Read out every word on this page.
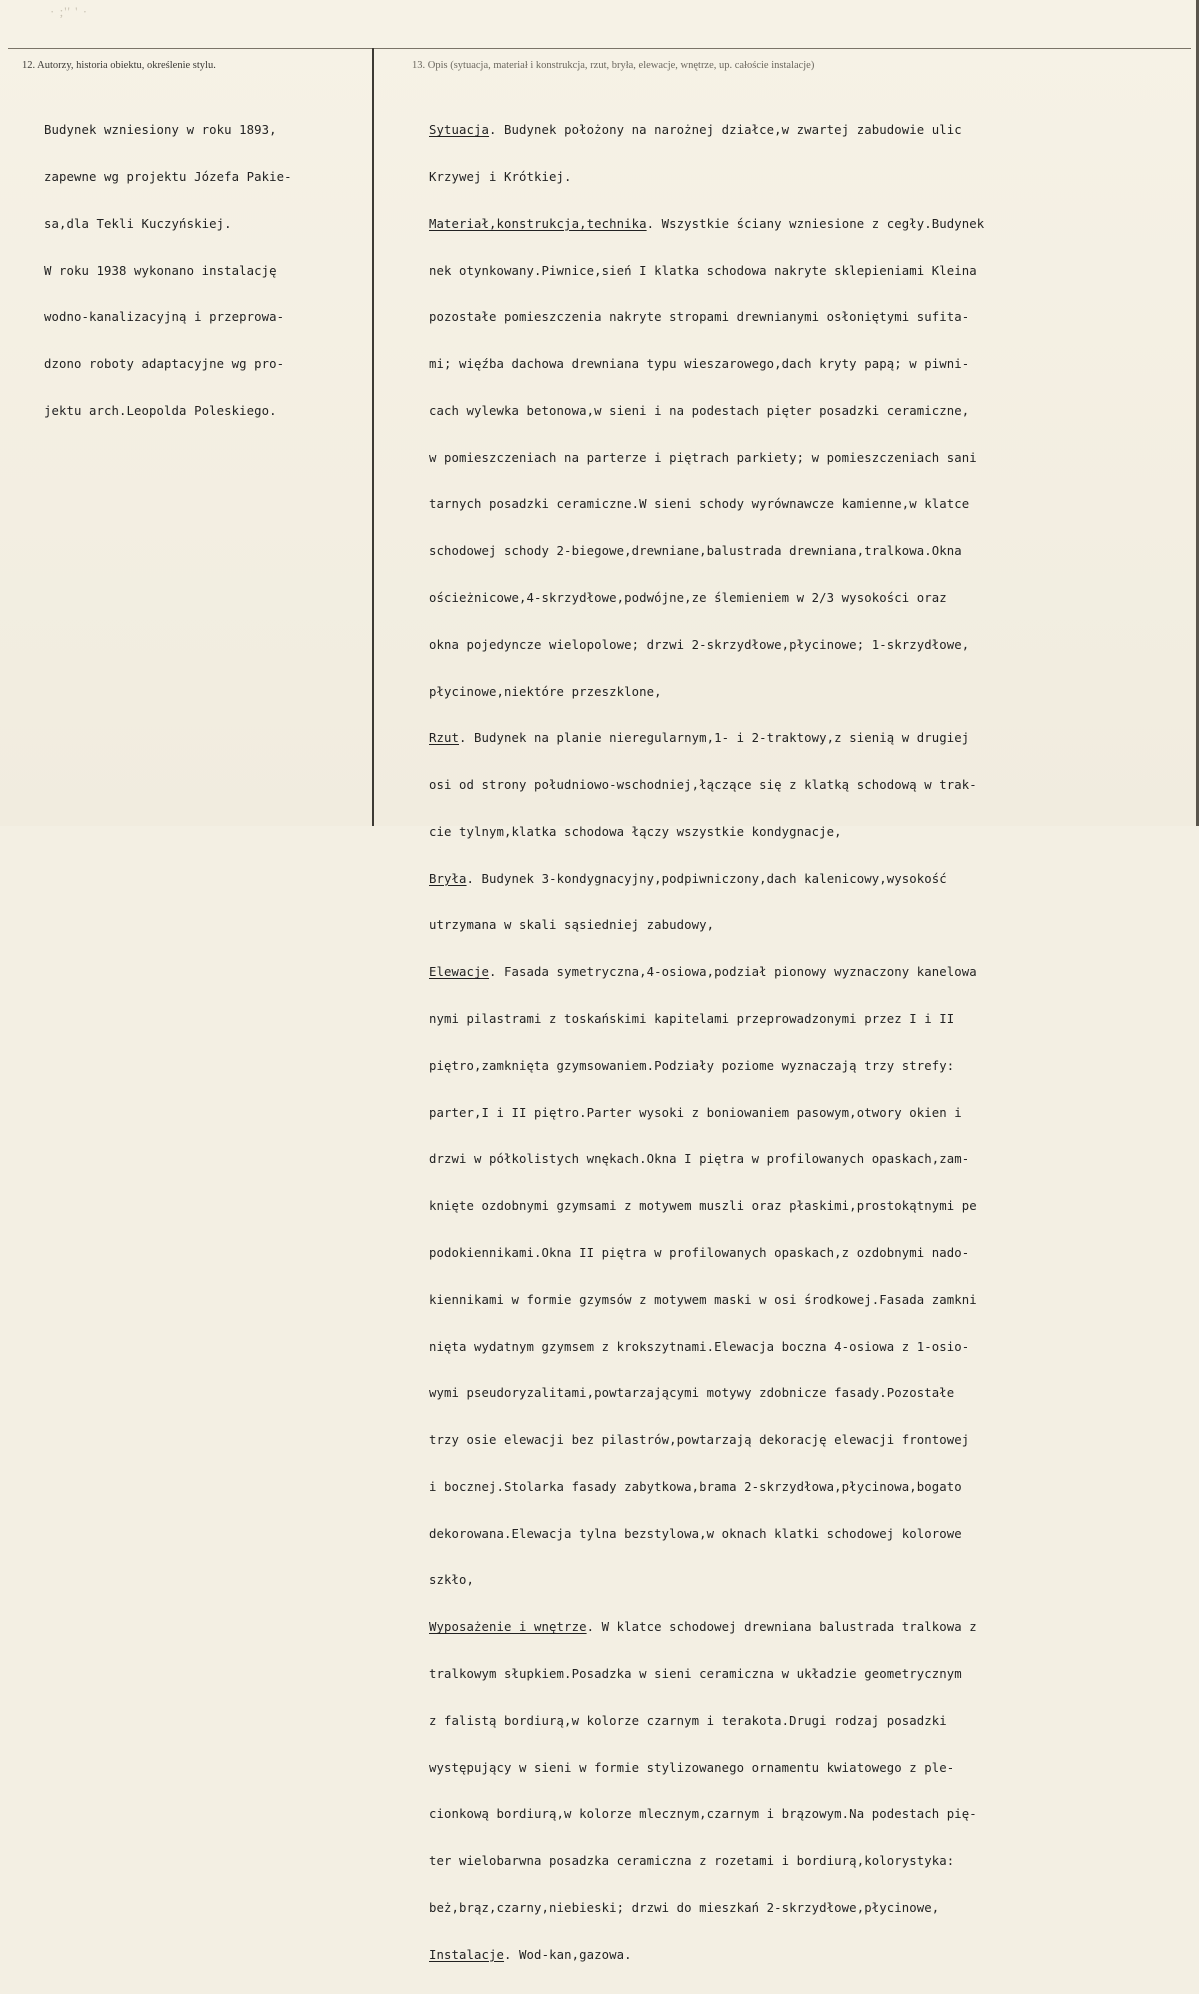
· ;'' ' ·
12. Autorzy, historia obiektu, określenie stylu.	13. Opis (sytuacja, materiał i konstrukcja, rzut, bryła, elewacje, wnętrze, up. całoście instalacje)

Budynek wzniesiony w roku 1893,

zapewne wg projektu Józefa Pakie-

sa,dla Tekli Kuczyńskiej.

W roku 1938 wykonano instalację

wodno-kanalizacyjną i przeprowa-

dzono roboty adaptacyjne wg pro-

jektu arch.Leopolda Poleskiego.

Sytuacja. Budynek położony na narożnej działce,w zwartej zabudowie ulic

Krzywej i Krótkiej.

Materiał,konstrukcja,technika. Wszystkie ściany wzniesione z cegły.Budynek

nek otynkowany.Piwnice,sień I klatka schodowa nakryte sklepieniami Kleina

pozostałe pomieszczenia nakryte stropami drewnianymi osłoniętymi sufita-

mi; więźba dachowa drewniana typu wieszarowego,dach kryty papą; w piwni-

cach wylewka betonowa,w sieni i na podestach pięter posadzki ceramiczne,

w pomieszczeniach na parterze i piętrach parkiety; w pomieszczeniach sani

tarnych posadzki ceramiczne.W sieni schody wyrównawcze kamienne,w klatce

schodowej schody 2-biegowe,drewniane,balustrada drewniana,tralkowa.Okna

ościeżnicowe,4-skrzydłowe,podwójne,ze ślemieniem w 2/3 wysokości oraz

okna pojedyncze wielopolowe; drzwi 2-skrzydłowe,płycinowe; 1-skrzydłowe,

płycinowe,niektóre przeszklone,

Rzut. Budynek na planie nieregularnym,1- i 2-traktowy,z sienią w drugiej

osi od strony południowo-wschodniej,łączące się z klatką schodową w trak-

cie tylnym,klatka schodowa łączy wszystkie kondygnacje,

Bryła. Budynek 3-kondygnacyjny,podpiwniczony,dach kalenicowy,wysokość

utrzymana w skali sąsiedniej zabudowy,

Elewacje. Fasada symetryczna,4-osiowa,podział pionowy wyznaczony kanelowa

nymi pilastrami z toskańskimi kapitelami przeprowadzonymi przez I i II

piętro,zamknięta gzymsowaniem.Podziały poziome wyznaczają trzy strefy:

parter,I i II piętro.Parter wysoki z boniowaniem pasowym,otwory okien i

drzwi w półkolistych wnękach.Okna I piętra w profilowanych opaskach,zam-

knięte ozdobnymi gzymsami z motywem muszli oraz płaskimi,prostokątnymi pe

podokiennikami.Okna II piętra w profilowanych opaskach,z ozdobnymi nado-

kiennikami w formie gzymsów z motywem maski w osi środkowej.Fasada zamkni

nięta wydatnym gzymsem z krokszytnami.Elewacja boczna 4-osiowa z 1-osio-

wymi pseudoryzalitami,powtarzającymi motywy zdobnicze fasady.Pozostałe

trzy osie elewacji bez pilastrów,powtarzają dekorację elewacji frontowej

i bocznej.Stolarka fasady zabytkowa,brama 2-skrzydłowa,płycinowa,bogato

dekorowana.Elewacja tylna bezstylowa,w oknach klatki schodowej kolorowe

szkło,

Wyposażenie i wnętrze. W klatce schodowej drewniana balustrada tralkowa z

tralkowym słupkiem.Posadzka w sieni ceramiczna w układzie geometrycznym

z falistą bordiurą,w kolorze czarnym i terakota.Drugi rodzaj posadzki

występujący w sieni w formie stylizowanego ornamentu kwiatowego z ple-

cionkową bordiurą,w kolorze mlecznym,czarnym i brązowym.Na podestach pię-

ter wielobarwna posadzka ceramiczna z rozetami i bordiurą,kolorystyka:

beż,brąz,czarny,niebieski; drzwi do mieszkań 2-skrzydłowe,płycinowe,

Instalacje. Wod-kan,gazowa.
